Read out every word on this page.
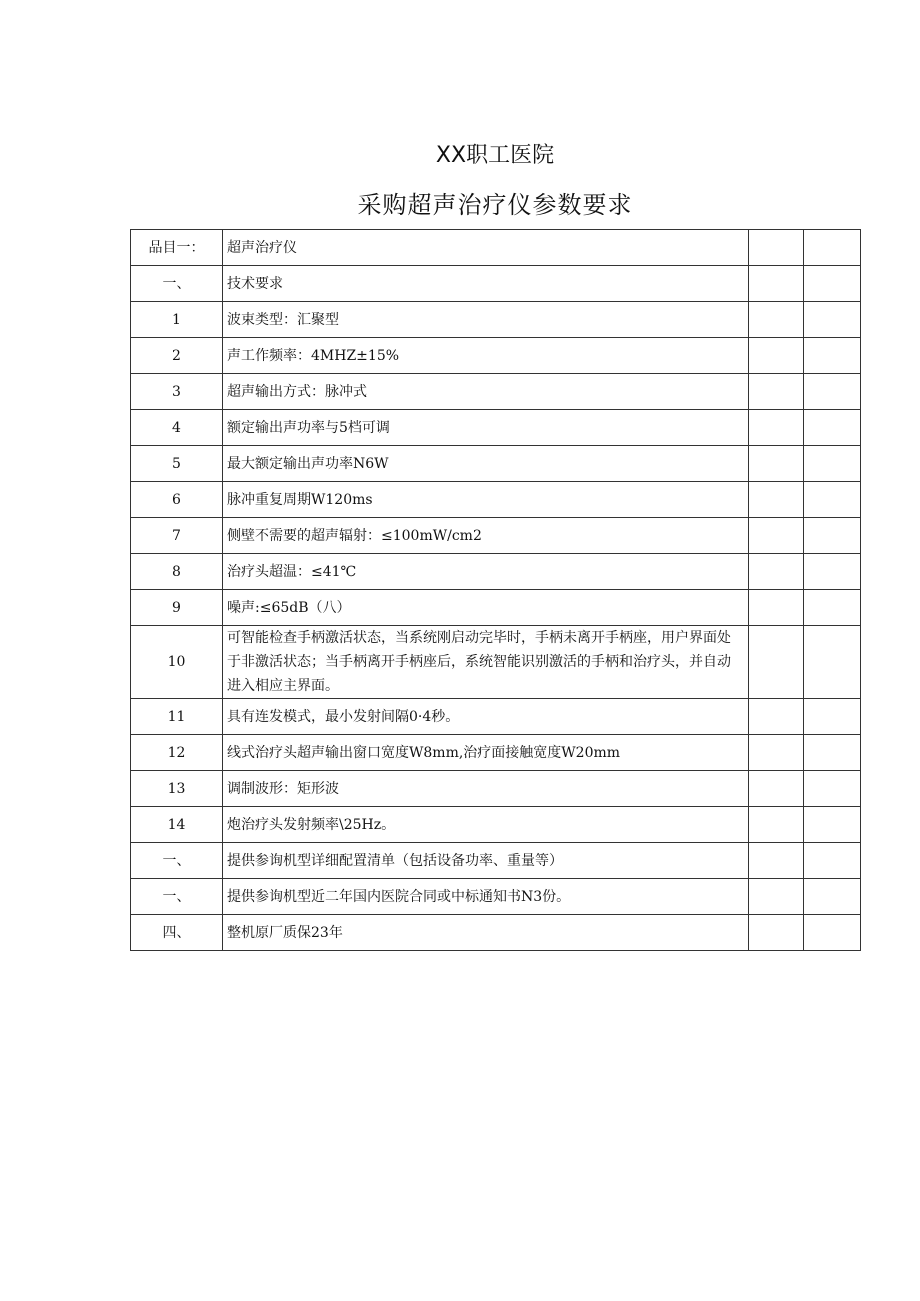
XX职工医院
采购超声治疗仪参数要求
品目一：	超声治疗仪		
一、	技术要求		
1	波束类型：汇聚型		
2	声工作频率：4MHZ±15%		
3	超声输出方式：脉冲式		
4	额定输出声功率与5档可调		
5	最大额定输出声功率N6W		
6	脉冲重复周期W120ms		
7	侧壁不需要的超声辐射：≤100mW/cm2		
8	治疗头超温：≤41℃		
9	噪声:≤65dB（八）		
10	可智能检查手柄激活状态，当系统刚启动完毕时，手柄未离开手柄座，用户界面处于非激活状态；当手柄离开手柄座后，系统智能识别激活的手柄和治疗头，并自动进入相应主界面。		
11	具有连发模式，最小发射间隔0·4秒。		
12	线式治疗头超声输出窗口宽度W8mm,治疗面接触宽度W20mm		
13	调制波形：矩形波		
14	炮治疗头发射频率\25Hz。		
一、	提供参询机型详细配置清单（包括设备功率、重量等）		
一、	提供参询机型近二年国内医院合同或中标通知书N3份。		
四、	整机原厂质保23年		
